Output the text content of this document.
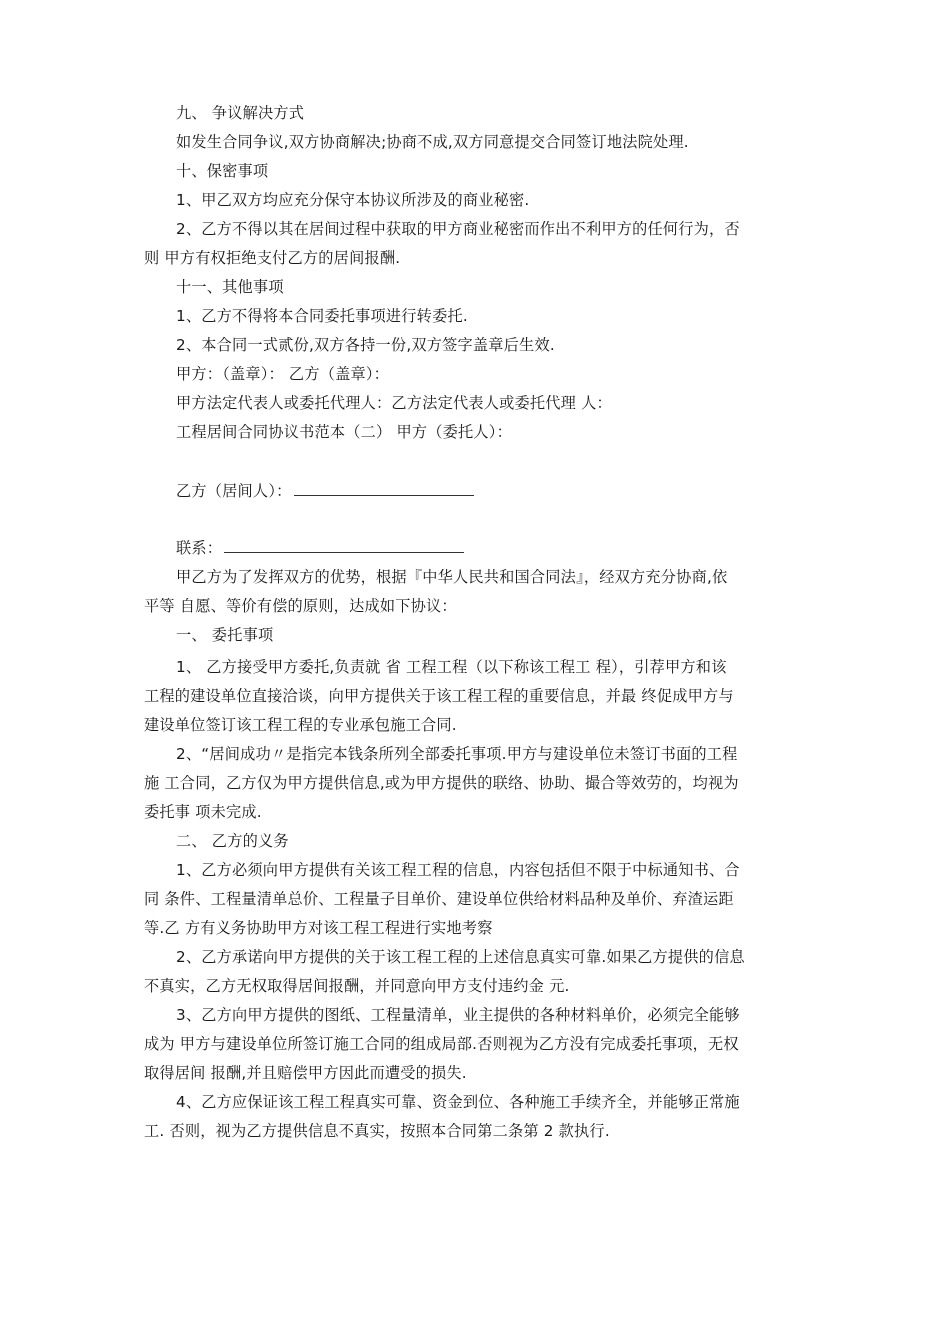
九、 争议解决方式

如发生合同争议,双方协商解决;协商不成,双方同意提交合同签订地法院处理.

十、保密事项

1、甲乙双方均应充分保守本协议所涉及的商业秘密.

2、乙方不得以其在居间过程中获取的甲方商业秘密而作出不利甲方的任何行为，否

则 甲方有权拒绝支付乙方的居间报酬.

十一、其他事项

1、乙方不得将本合同委托事项进行转委托.

2、本合同一式贰份,双方各持一份,双方签字盖章后生效.

甲方：（盖章）： 乙方（盖章）：

甲方法定代表人或委托代理人：乙方法定代表人或委托代理 人：

工程居间合同协议书范本（二） 甲方（委托人）：

乙方（居间人）：

联系：

甲乙方为了发挥双方的优势，根据『中华人民共和国合同法』，经双方充分协商,依

平等 自愿、等价有偿的原则，达成如下协议：

一、 委托事项

1、 乙方接受甲方委托,负责就 省 工程工程（以下称该工程工 程），引荐甲方和该

工程的建设单位直接洽谈，向甲方提供关于该工程工程的重要信息，并最 终促成甲方与

建设单位签订该工程工程的专业承包施工合同.

2、“居间成功〃是指完本钱条所列全部委托事项.甲方与建设单位未签订书面的工程

施 工合同，乙方仅为甲方提供信息,或为甲方提供的联络、协助、撮合等效劳的，均视为

委托事 项未完成.

二、 乙方的义务

1、乙方必须向甲方提供有关该工程工程的信息，内容包括但不限于中标通知书、合

同 条件、工程量清单总价、工程量子目单价、建设单位供给材料品种及单价、弃渣运距

等.乙 方有义务协助甲方对该工程工程进行实地考察

2、乙方承诺向甲方提供的关于该工程工程的上述信息真实可靠.如果乙方提供的信息

不真实，乙方无权取得居间报酬，并同意向甲方支付违约金 元.

3、乙方向甲方提供的图纸、工程量清单，业主提供的各种材料单价，必须完全能够

成为 甲方与建设单位所签订施工合同的组成局部.否则视为乙方没有完成委托事项，无权

取得居间 报酬,并且赔偿甲方因此而遭受的损失.

4、乙方应保证该工程工程真实可靠、资金到位、各种施工手续齐全，并能够正常施

工. 否则，视为乙方提供信息不真实，按照本合同第二条第 2 款执行.
